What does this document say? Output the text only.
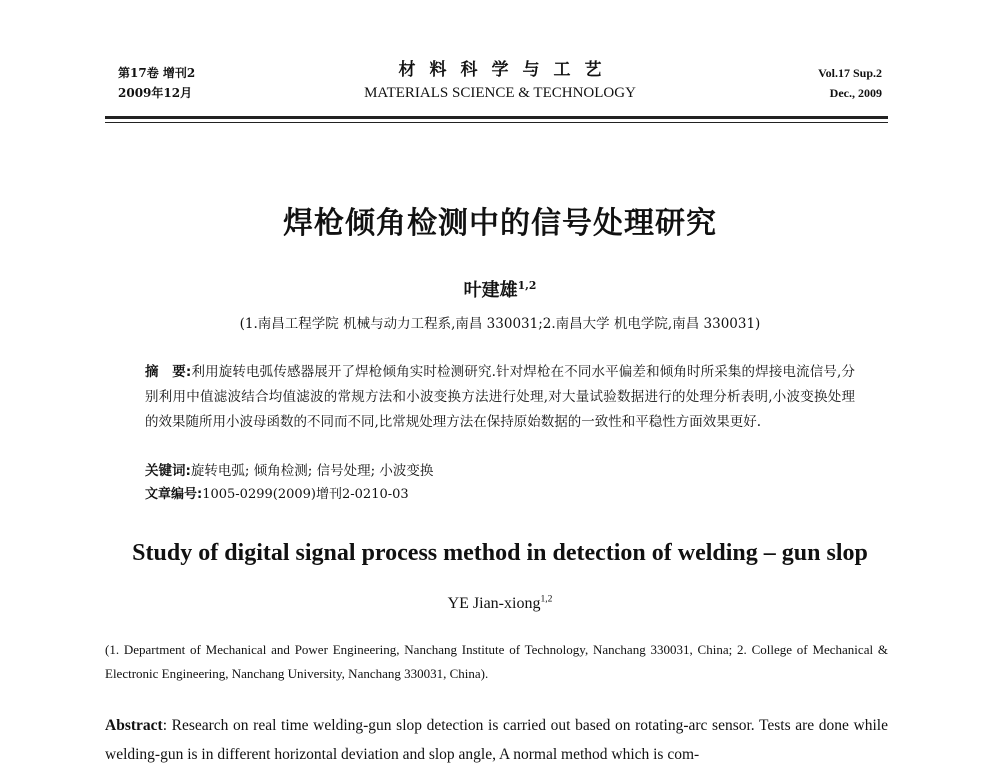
第17卷 增刊2
2009年12月
材料科学与工艺
MATERIALS SCIENCE & TECHNOLOGY
Vol.17 Sup.2
Dec., 2009
焊枪倾角检测中的信号处理研究
叶建雄$^{1,2}$
(1.南昌工程学院 机械与动力工程系,南昌 330031;2.南昌大学 机电学院,南昌 330031)
摘　要:利用旋转电弧传感器展开了焊枪倾角实时检测研究.针对焊枪在不同水平偏差和倾角时所采集的焊接电流信号,分别利用中值滤波结合均值滤波的常规方法和小波变换方法进行处理,对大量试验数据进行的处理分析表明,小波变换处理的效果随所用小波母函数的不同而不同,比常规处理方法在保持原始数据的一致性和平稳性方面效果更好.
关键词:旋转电弧; 倾角检测; 信号处理; 小波变换
文章编号:1005-0299(2009)增刊2-0210-03
Study of digital signal process method in detection of welding – gun slop
YE Jian-xiong$^{1,2}$
(1. Department of Mechanical and Power Engineering, Nanchang Institute of Technology, Nanchang 330031, China; 2. College of Mechanical & Electronic Engineering, Nanchang University, Nanchang 330031, China).
Abstract: Research on real time welding-gun slop detection is carried out based on rotating-arc sensor. Tests are done while welding-gun is in different horizontal deviation and slop angle, A normal method which is com-
